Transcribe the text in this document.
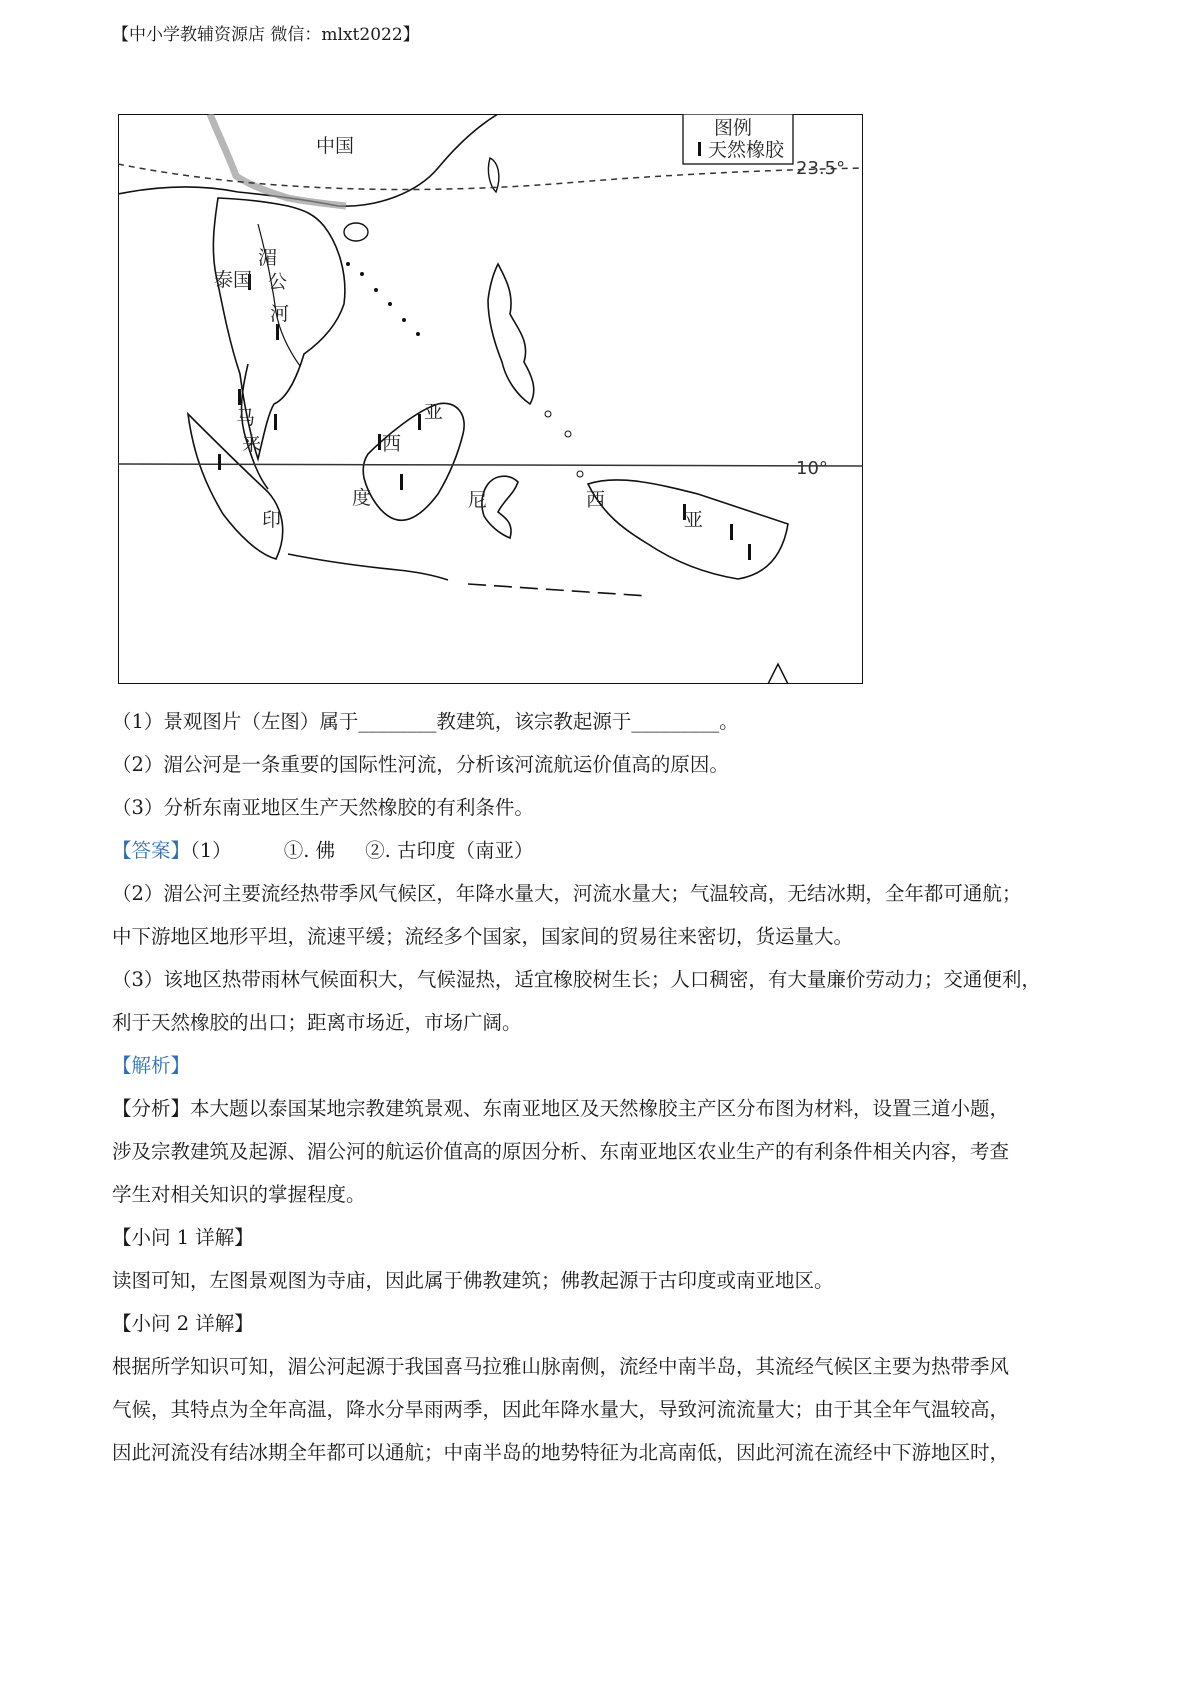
【中小学教辅资源店 微信：mlxt2022】
图例
天然橡胶
23.5°
10°
中国
泰国
湄
公
河
马
来	西
亚
印
度	尼	西
亚

（1）景观图片（左图）属于________教建筑，该宗教起源于_________。

（2）湄公河是一条重要的国际性河流，分析该河流航运价值高的原因。

（3）分析东南亚地区生产天然橡胶的有利条件。

【答案】（1）	①. 佛 ②. 古印度（南亚）

（2）湄公河主要流经热带季风气候区，年降水量大，河流水量大；气温较高，无结冰期，全年都可通航；

中下游地区地形平坦，流速平缓；流经多个国家，国家间的贸易往来密切，货运量大。

（3）该地区热带雨林气候面积大，气候湿热，适宜橡胶树生长；人口稠密，有大量廉价劳动力；交通便利，

利于天然橡胶的出口；距离市场近，市场广阔。

【解析】

【分析】本大题以泰国某地宗教建筑景观、东南亚地区及天然橡胶主产区分布图为材料，设置三道小题，

涉及宗教建筑及起源、湄公河的航运价值高的原因分析、东南亚地区农业生产的有利条件相关内容，考查

学生对相关知识的掌握程度。

【小问 1 详解】

读图可知，左图景观图为寺庙，因此属于佛教建筑；佛教起源于古印度或南亚地区。

【小问 2 详解】

根据所学知识可知，湄公河起源于我国喜马拉雅山脉南侧，流经中南半岛，其流经气候区主要为热带季风

气候，其特点为全年高温，降水分旱雨两季，因此年降水量大，导致河流流量大；由于其全年气温较高，

因此河流没有结冰期全年都可以通航；中南半岛的地势特征为北高南低，因此河流在流经中下游地区时，
